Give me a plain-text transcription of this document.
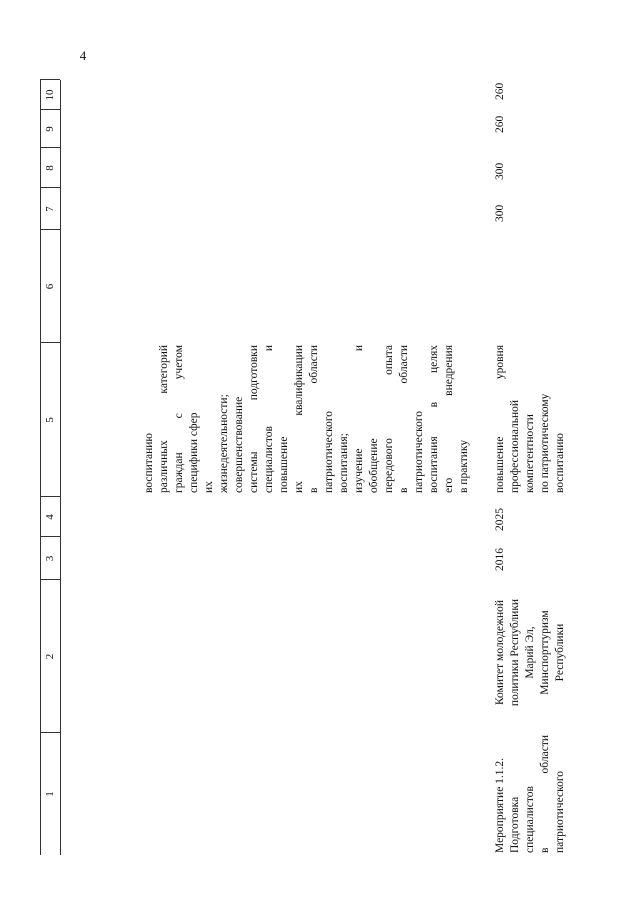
4
1
2
3
4
5
6
7
8
9
10
воспитанию различных категорий граждан с учетом специфики сфер их жизнедеятельности; совершенствование системы подготовки специалистов и повышение их квалификации в области патриотического воспитания; изучение и обобщение передового опыта в области патриотического воспитания в целях его внедрения в практику
Мероприятие 1.1.2. Подготовка специалистов в области патриотического
Комитет молодежной политики Республики Марий Эл, Минспорттуризм Республики
2016
2025
повышение уровня профессиональной компетентности по патриотическому воспитанию
300
300
260
260
